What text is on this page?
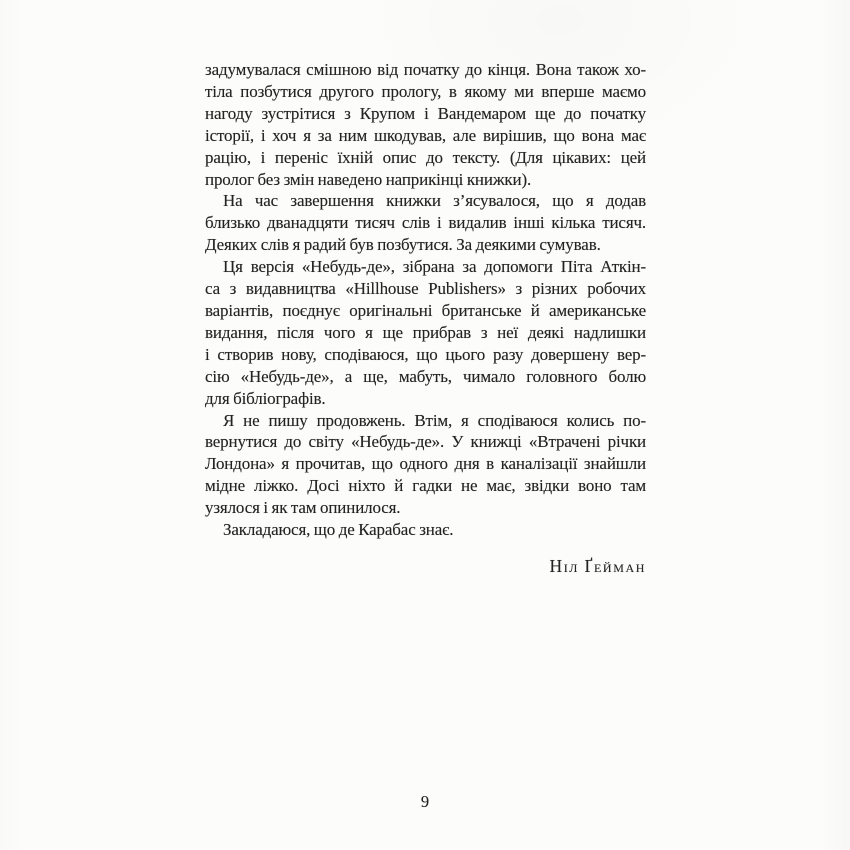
задумувалася смішною від початку до кінця. Вона також хо-
тіла позбутися другого прологу, в якому ми вперше маємо
нагоду зустрітися з Крупом і Вандемаром ще до початку
історії, і хоч я за ним шкодував, але вирішив, що вона має
рацію, і переніс їхній опис до тексту. (Для цікавих: цей
пролог без змін наведено наприкінці книжки).
На час завершення книжки з’ясувалося, що я додав
близько дванадцяти тисяч слів і видалив інші кілька тисяч.
Деяких слів я радий був позбутися. За деякими сумував.
Ця версія «Небудь-де», зібрана за допомоги Піта Аткін-
са з видавництва «Hillhouse Publishers» з різних робочих
варіантів, поєднує оригінальні британське й американське
видання, після чого я ще прибрав з неї деякі надлишки
і створив нову, сподіваюся, що цього разу довершену вер-
сію «Небудь-де», а ще, мабуть, чимало головного болю
для бібліографів.
Я не пишу продовжень. Втім, я сподіваюся колись по-
вернутися до світу «Небудь-де». У книжці «Втрачені річки
Лондона» я прочитав, що одного дня в каналізації знайшли
мідне ліжко. Досі ніхто й гадки не має, звідки воно там
узялося і як там опинилося.
Закладаюся, що де Карабас знає.
Ніл Ґейман
9
